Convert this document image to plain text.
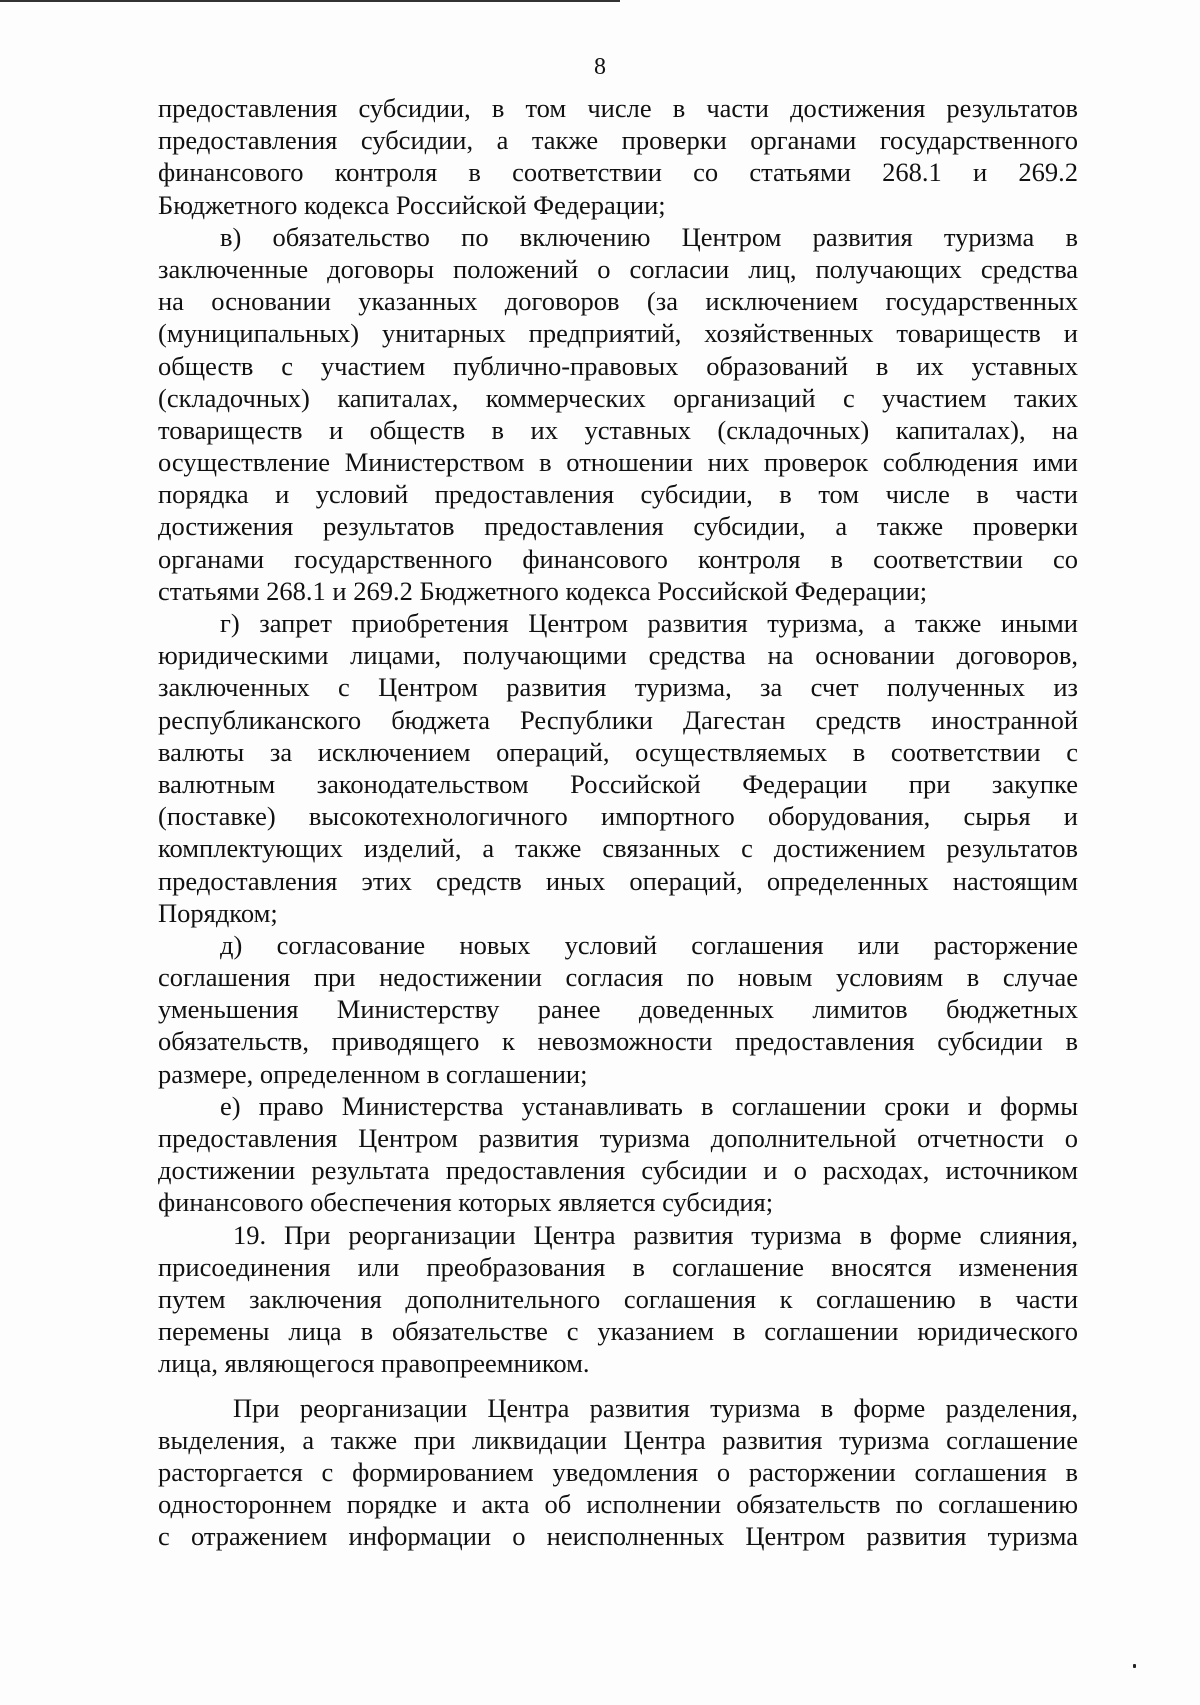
8
предоставления субсидии, в том числе в части достижения результатов
предоставления субсидии, а также проверки органами государственного
финансового контроля в соответствии со статьями 268.1 и 269.2
Бюджетного кодекса Российской Федерации;
в) обязательство по включению Центром развития туризма в
заключенные договоры положений о согласии лиц, получающих средства
на основании указанных договоров (за исключением государственных
(муниципальных) унитарных предприятий, хозяйственных товариществ и
обществ с участием публично-правовых образований в их уставных
(складочных) капиталах, коммерческих организаций с участием таких
товариществ и обществ в их уставных (складочных) капиталах), на
осуществление Министерством в отношении них проверок соблюдения ими
порядка и условий предоставления субсидии, в том числе в части
достижения результатов предоставления субсидии, а также проверки
органами государственного финансового контроля в соответствии со
статьями 268.1 и 269.2 Бюджетного кодекса Российской Федерации;
г) запрет приобретения Центром развития туризма, а также иными
юридическими лицами, получающими средства на основании договоров,
заключенных с Центром развития туризма, за счет полученных из
республиканского бюджета Республики Дагестан средств иностранной
валюты за исключением операций, осуществляемых в соответствии с
валютным законодательством Российской Федерации при закупке
(поставке) высокотехнологичного импортного оборудования, сырья и
комплектующих изделий, а также связанных с достижением результатов
предоставления этих средств иных операций, определенных настоящим
Порядком;
д) согласование новых условий соглашения или расторжение
соглашения при недостижении согласия по новым условиям в случае
уменьшения Министерству ранее доведенных лимитов бюджетных
обязательств, приводящего к невозможности предоставления субсидии в
размере, определенном в соглашении;
е) право Министерства устанавливать в соглашении сроки и формы
предоставления Центром развития туризма дополнительной отчетности о
достижении результата предоставления субсидии и о расходах, источником
финансового обеспечения которых является субсидия;
19. При реорганизации Центра развития туризма в форме слияния,
присоединения или преобразования в соглашение вносятся изменения
путем заключения дополнительного соглашения к соглашению в части
перемены лица в обязательстве с указанием в соглашении юридического
лица, являющегося правопреемником.
При реорганизации Центра развития туризма в форме разделения,
выделения, а также при ликвидации Центра развития туризма соглашение
расторгается с формированием уведомления о расторжении соглашения в
одностороннем порядке и акта об исполнении обязательств по соглашению
с отражением информации о неисполненных Центром развития туризма
